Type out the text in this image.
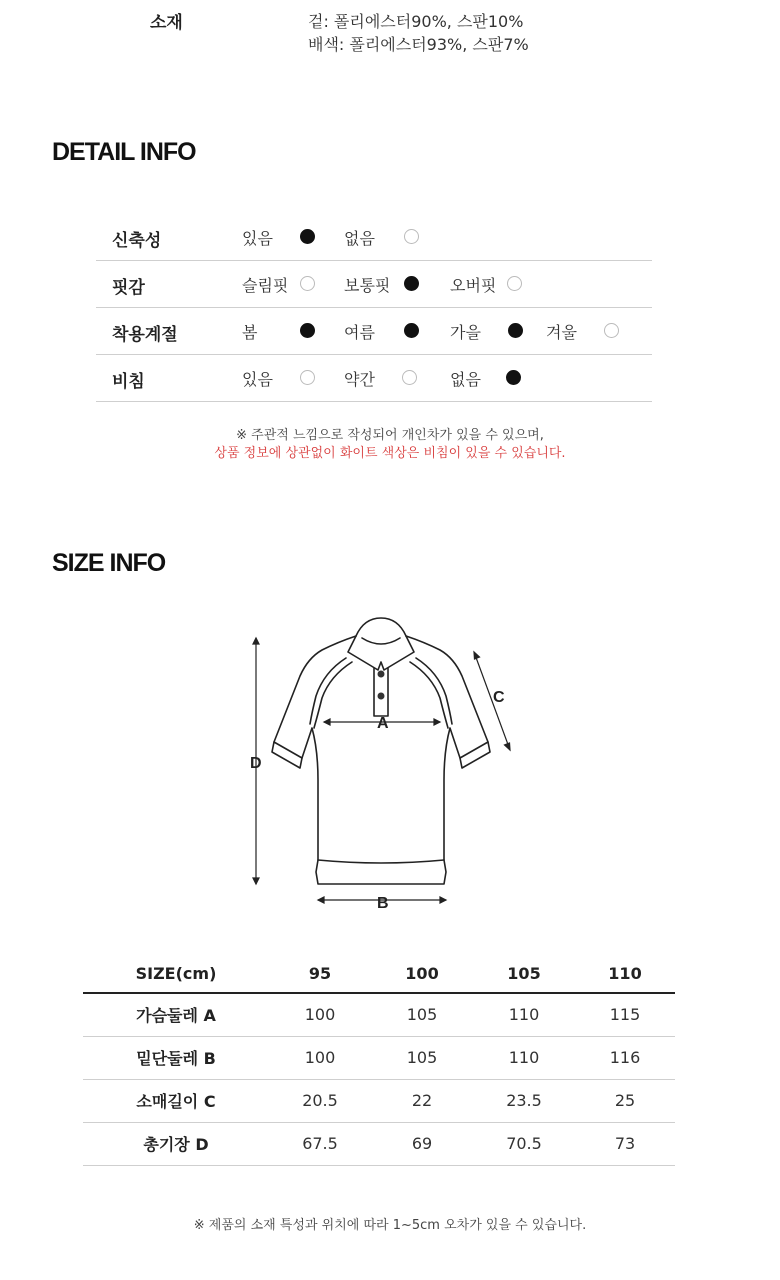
소재	겉: 폴리에스터90%, 스판10%
배색: 폴리에스터93%, 스판7%
DETAIL INFO
신축성	있음	없음
핏감	슬림핏	보통핏	오버핏
착용계절	봄	여름	가을	겨울
비침	있음	약간	없음
※ 주관적 느낌으로 작성되어 개인차가 있을 수 있으며,
상품 정보에 상관없이 화이트 색상은 비침이 있을 수 있습니다.
SIZE INFO
A
B
C
D
SIZE(cm)	95	100	105	110
가슴둘레 A	100	105	110	115
밑단둘레 B	100	105	110	116
소매길이 C	20.5	22	23.5	25
총기장 D	67.5	69	70.5	73
※ 제품의 소재 특성과 위치에 따라 1~5cm 오차가 있을 수 있습니다.
